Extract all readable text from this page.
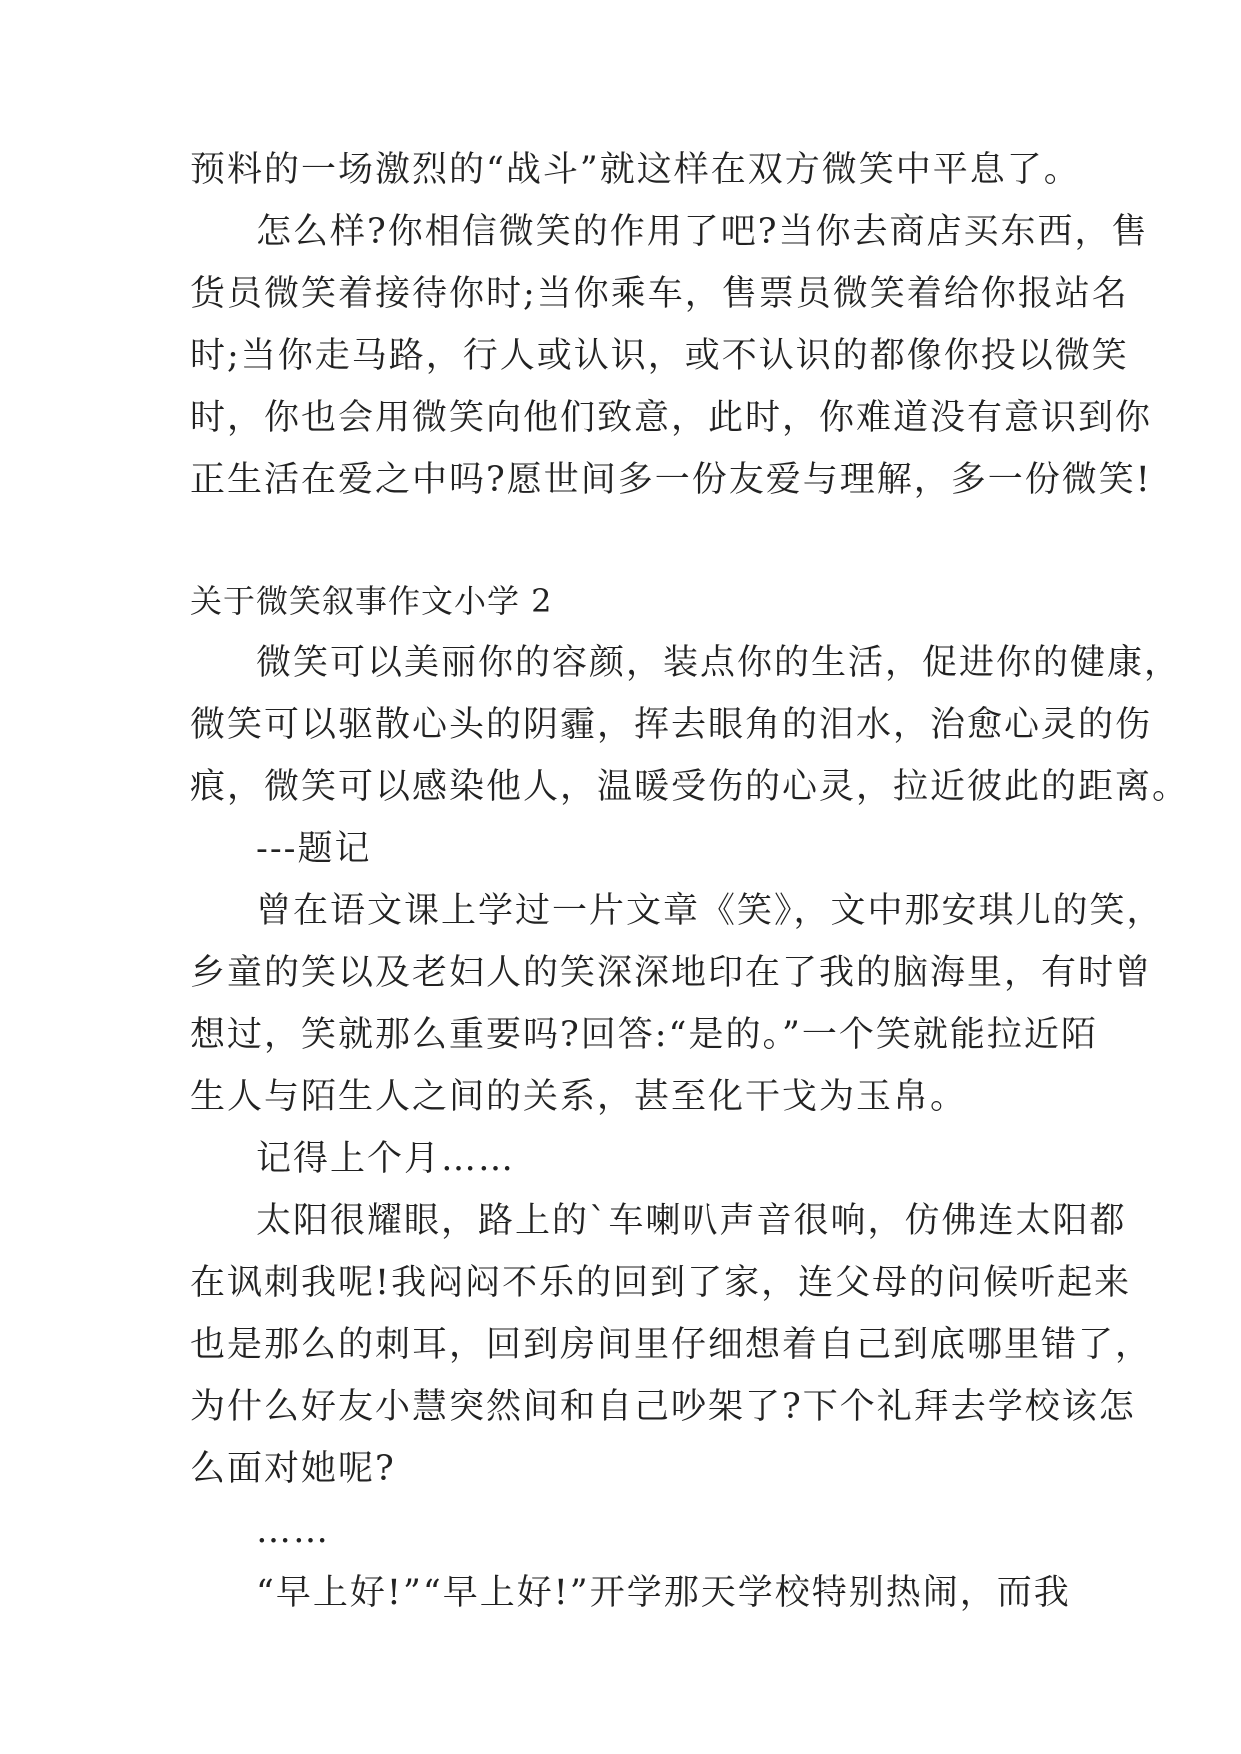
预料的一场激烈的“战斗”就这样在双方微笑中平息了。
怎么样?你相信微笑的作用了吧?当你去商店买东西，售
货员微笑着接待你时;当你乘车，售票员微笑着给你报站名
时;当你走马路，行人或认识，或不认识的都像你投以微笑
时，你也会用微笑向他们致意，此时，你难道没有意识到你
正生活在爱之中吗?愿世间多一份友爱与理解，多一份微笑!
关于微笑叙事作文小学 2
微笑可以美丽你的容颜，装点你的生活，促进你的健康，
微笑可以驱散心头的阴霾，挥去眼角的泪水，治愈心灵的伤
痕，微笑可以感染他人，温暖受伤的心灵，拉近彼此的距离。
---题记
曾在语文课上学过一片文章《笑》，文中那安琪儿的笑，
乡童的笑以及老妇人的笑深深地印在了我的脑海里，有时曾
想过，笑就那么重要吗?回答:“是的。”一个笑就能拉近陌
生人与陌生人之间的关系，甚至化干戈为玉帛。
记得上个月……
太阳很耀眼，路上的`车喇叭声音很响，仿佛连太阳都
在讽刺我呢!我闷闷不乐的回到了家，连父母的问候听起来
也是那么的刺耳，回到房间里仔细想着自己到底哪里错了，
为什么好友小慧突然间和自己吵架了?下个礼拜去学校该怎
么面对她呢?
……
“早上好!”“早上好!”开学那天学校特别热闹，而我
